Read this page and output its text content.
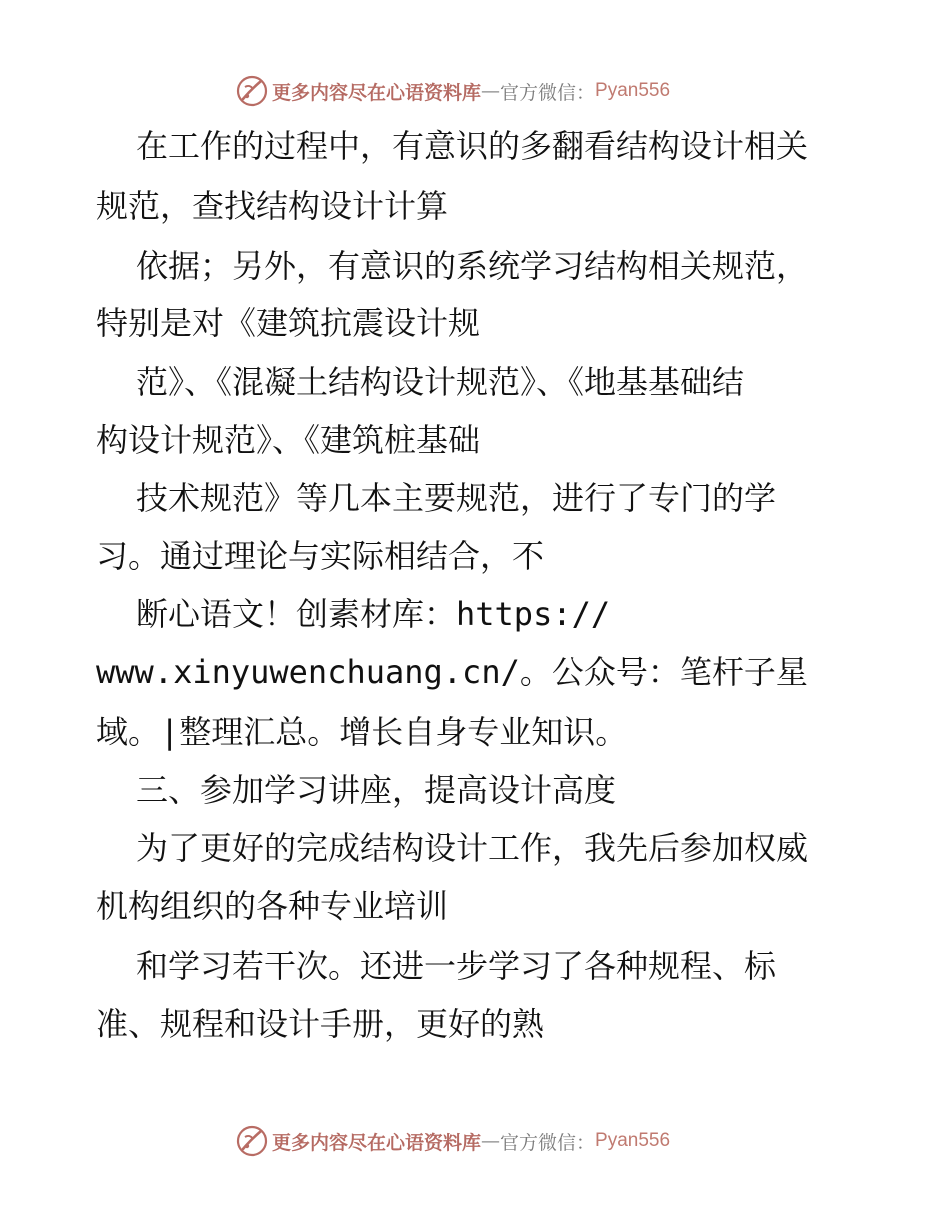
更多内容尽在心语资料库 — 官方微信： Pyan556
在工作的过程中，有意识的多翻看结构设计相关
规范，查找结构设计计算
依据；另外，有意识的系统学习结构相关规范，
特别是对《建筑抗震设计规
范》、《混凝土结构设计规范》、《地基基础结
构设计规范》、《建筑桩基础
技术规范》等几本主要规范，进行了专门的学
习。通过理论与实际相结合，不
断心语文！创素材库：https://
www.xinyuwenchuang.cn/。公众号：笔杆子星
域。|整理汇总。增长自身专业知识。
三、参加学习讲座，提高设计高度
为了更好的完成结构设计工作，我先后参加权威
机构组织的各种专业培训
和学习若干次。还进一步学习了各种规程、标
准、规程和设计手册，更好的熟
更多内容尽在心语资料库 — 官方微信： Pyan556
